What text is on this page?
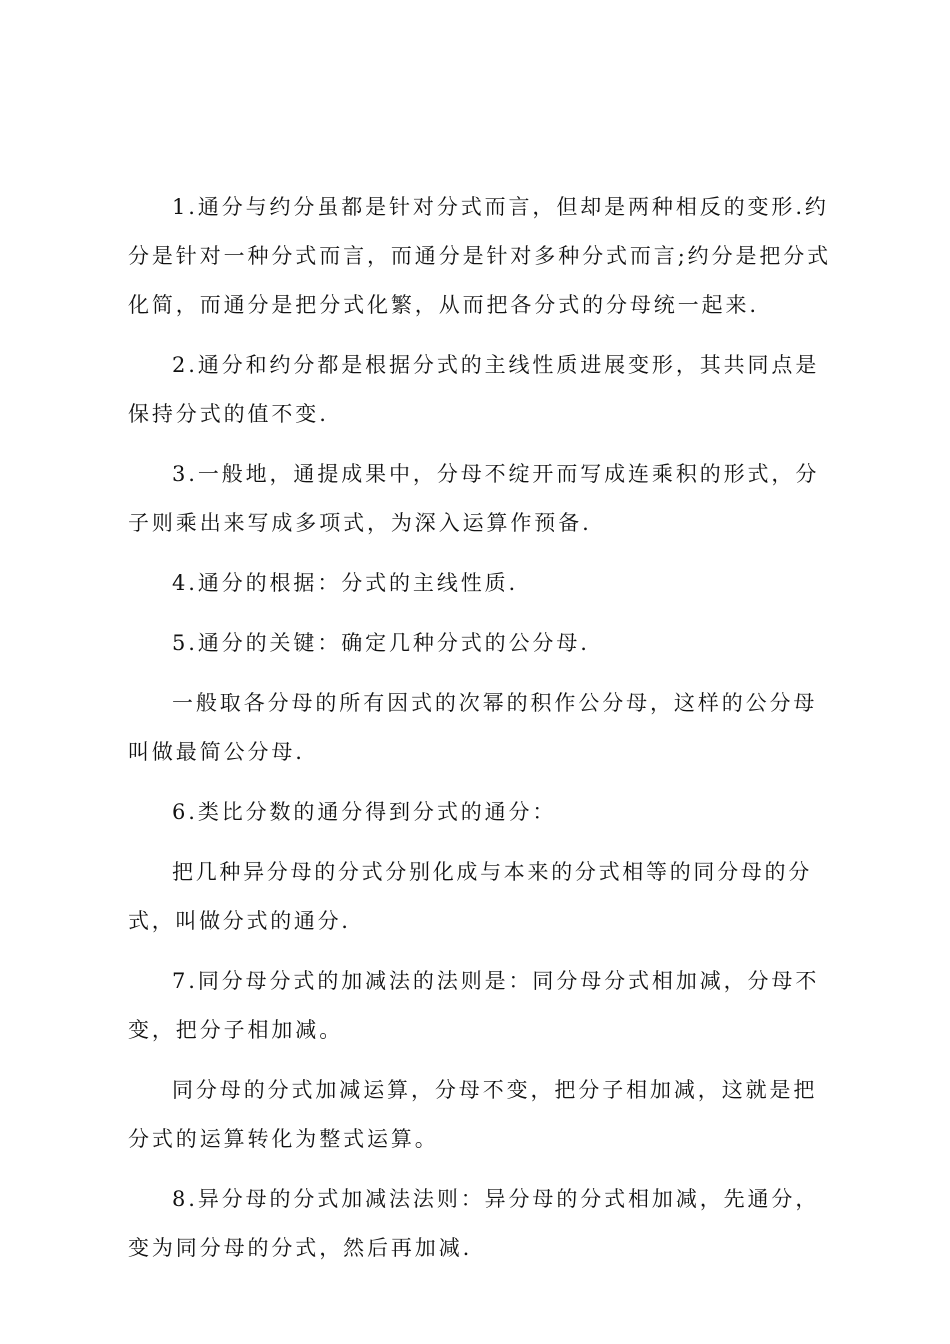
1.通分与约分虽都是针对分式而言，但却是两种相反的变形.约分是针对一种分式而言，而通分是针对多种分式而言;约分是把分式化简，而通分是把分式化繁，从而把各分式的分母统一起来.

2.通分和约分都是根据分式的主线性质进展变形，其共同点是保持分式的值不变.

3.一般地，通提成果中，分母不绽开而写成连乘积的形式，分子则乘出来写成多项式，为深入运算作预备.

4.通分的根据：分式的主线性质.

5.通分的关键：确定几种分式的公分母.

一般取各分母的所有因式的次幂的积作公分母，这样的公分母叫做最简公分母.

6.类比分数的通分得到分式的通分：

把几种异分母的分式分别化成与本来的分式相等的同分母的分式，叫做分式的通分.

7.同分母分式的加减法的法则是：同分母分式相加减，分母不变，把分子相加减。

同分母的分式加减运算，分母不变，把分子相加减，这就是把分式的运算转化为整式运算。

8.异分母的分式加减法法则：异分母的分式相加减，先通分，变为同分母的分式，然后再加减.
